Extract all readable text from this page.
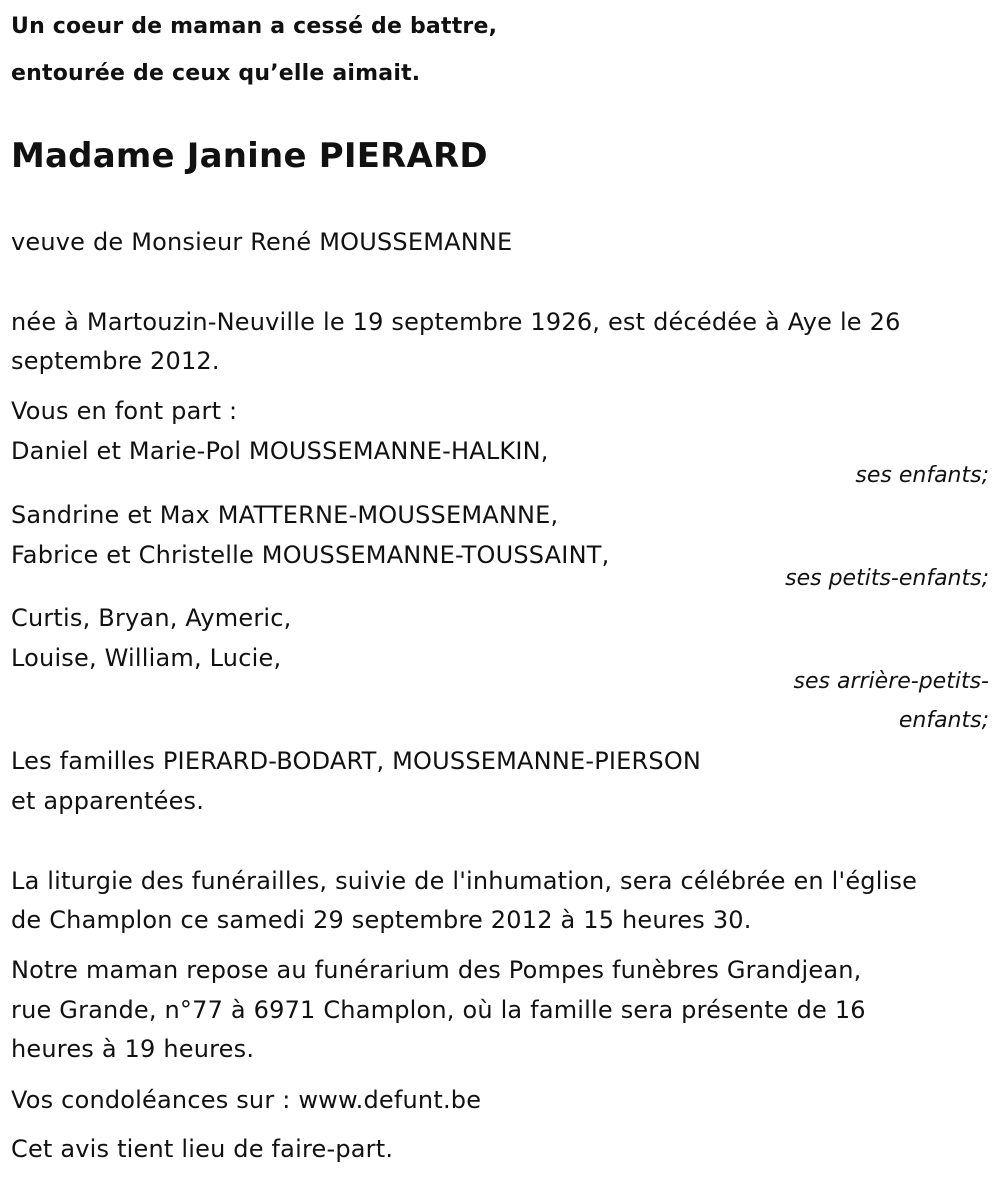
Un coeur de maman a cessé de battre,
entourée de ceux qu’elle aimait.
Madame Janine PIERARD
veuve de Monsieur René MOUSSEMANNE
née à Martouzin-Neuville le 19 septembre 1926, est décédée à Aye le 26
septembre 2012.
Vous en font part :
Daniel et Marie-Pol MOUSSEMANNE-HALKIN,
ses enfants;
Sandrine et Max MATTERNE-MOUSSEMANNE,
Fabrice et Christelle MOUSSEMANNE-TOUSSAINT,
ses petits-enfants;
Curtis, Bryan, Aymeric,
Louise, William, Lucie,
ses arrière-petits-
enfants;
Les familles PIERARD-BODART, MOUSSEMANNE-PIERSON
et apparentées.
La liturgie des funérailles, suivie de l'inhumation, sera célébrée en l'église
de Champlon ce samedi 29 septembre 2012 à 15 heures 30.
Notre maman repose au funérarium des Pompes funèbres Grandjean,
rue Grande, n°77 à 6971 Champlon, où la famille sera présente de 16
heures à 19 heures.
Vos condoléances sur : www.defunt.be
Cet avis tient lieu de faire-part.
